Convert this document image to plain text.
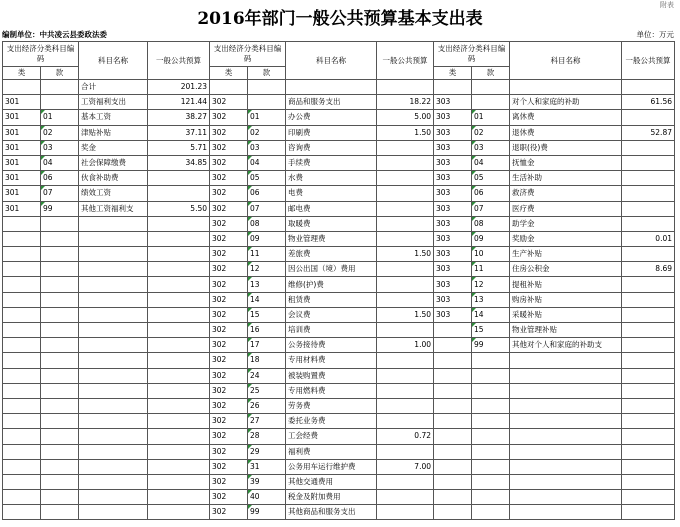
2016年部门一般公共预算基本支出表
附表
编制单位：中共凌云县委政法委	单位：万元
支出经济分类科目编码		科目名称	一般公共预算	支出经济分类科目编码		科目名称	一般公共预算	支出经济分类科目编码		科目名称	一般公共预算
类	款			类	款			类	款		
		合计	201.23								
301		工资福利支出	121.44	302		商品和服务支出	18.22	303		对个人和家庭的补助	61.56
301	01	基本工资	38.27	302	01	办公费	5.00	303	01	离休费	
301	02	津贴补贴	37.11	302	02	印刷费	1.50	303	02	退休费	52.87
301	03	奖金	5.71	302	03	咨询费		303	03	退职(役)费	
301	04	社会保障缴费	34.85	302	04	手续费		303	04	抚恤金	
301	06	伙食补助费		302	05	水费		303	05	生活补助	
301	07	绩效工资		302	06	电费		303	06	救济费	
301	99	其他工资福利支	5.50	302	07	邮电费		303	07	医疗费	
				302	08	取暖费		303	08	助学金	
				302	09	物业管理费		303	09	奖励金	0.01
				302	11	差旅费	1.50	303	10	生产补贴	
				302	12	因公出国（境）费用		303	11	住房公积金	8.69
				302	13	维修(护)费		303	12	提租补贴	
				302	14	租赁费		303	13	购房补贴	
				302	15	会议费	1.50	303	14	采暖补贴	
				302	16	培训费			15	物业管理补贴	
				302	17	公务接待费	1.00		99	其他对个人和家庭的补助支	
				302	18	专用材料费					
				302	24	被装购置费					
				302	25	专用燃料费					
				302	26	劳务费					
				302	27	委托业务费					
				302	28	工会经费	0.72				
				302	29	福利费					
				302	31	公务用车运行维护费	7.00				
				302	39	其他交通费用					
				302	40	税金及附加费用					
				302	99	其他商品和服务支出					
